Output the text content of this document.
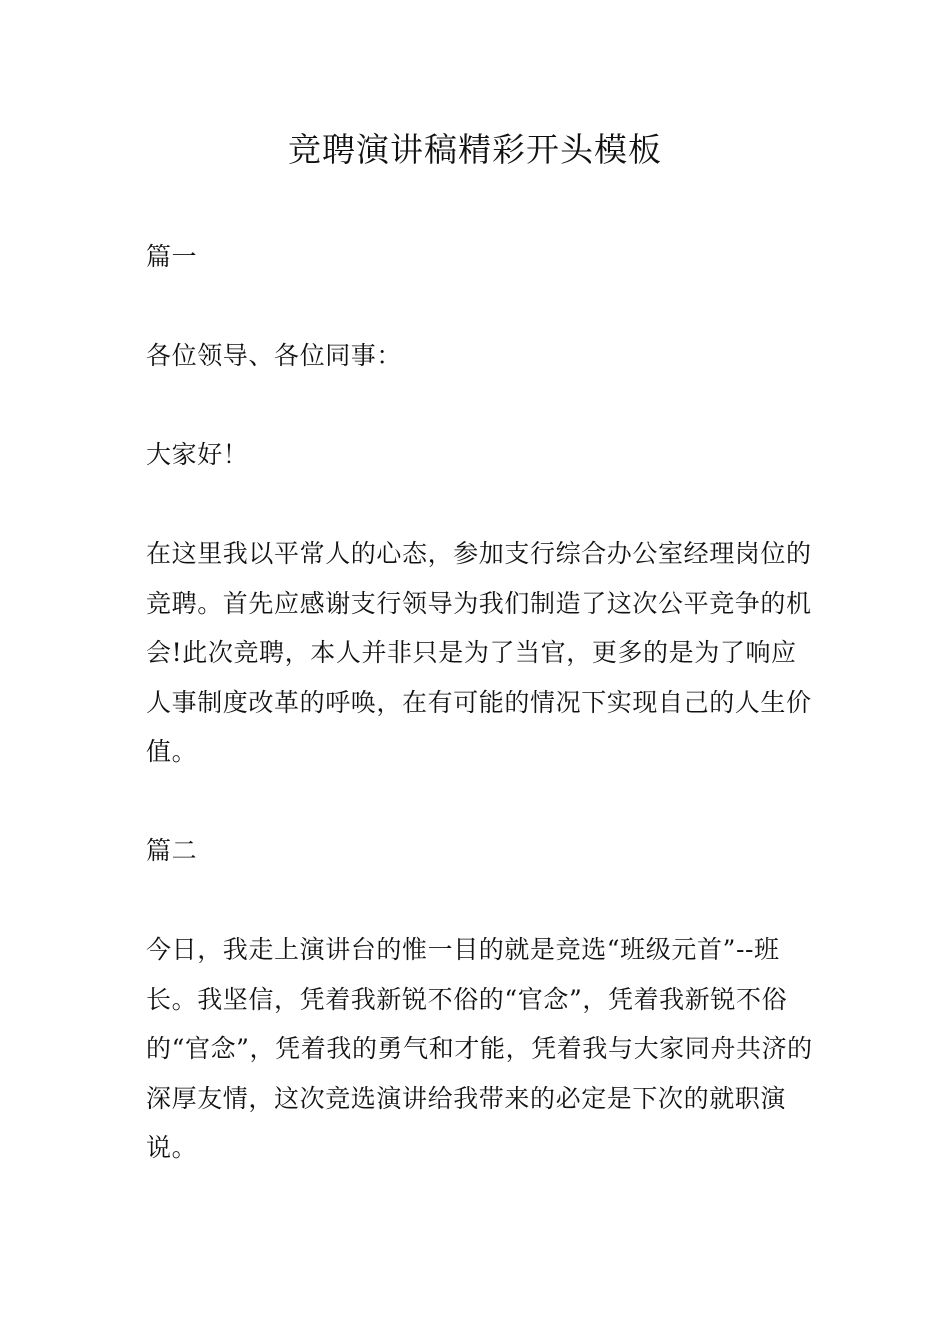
竞聘演讲稿精彩开头模板

篇一

各位领导、各位同事：

大家好！

在这里我以平常人的心态，参加支行综合办公室经理岗位的竞聘。首先应感谢支行领导为我们制造了这次公平竞争的机会!此次竞聘，本人并非只是为了当官，更多的是为了响应人事制度改革的呼唤，在有可能的情况下实现自己的人生价值。

篇二

今日，我走上演讲台的惟一目的就是竞选“班级元首”--班长。我坚信，凭着我新锐不俗的“官念”，凭着我新锐不俗的“官念”，凭着我的勇气和才能，凭着我与大家同舟共济的深厚友情，这次竞选演讲给我带来的必定是下次的就职演说。
